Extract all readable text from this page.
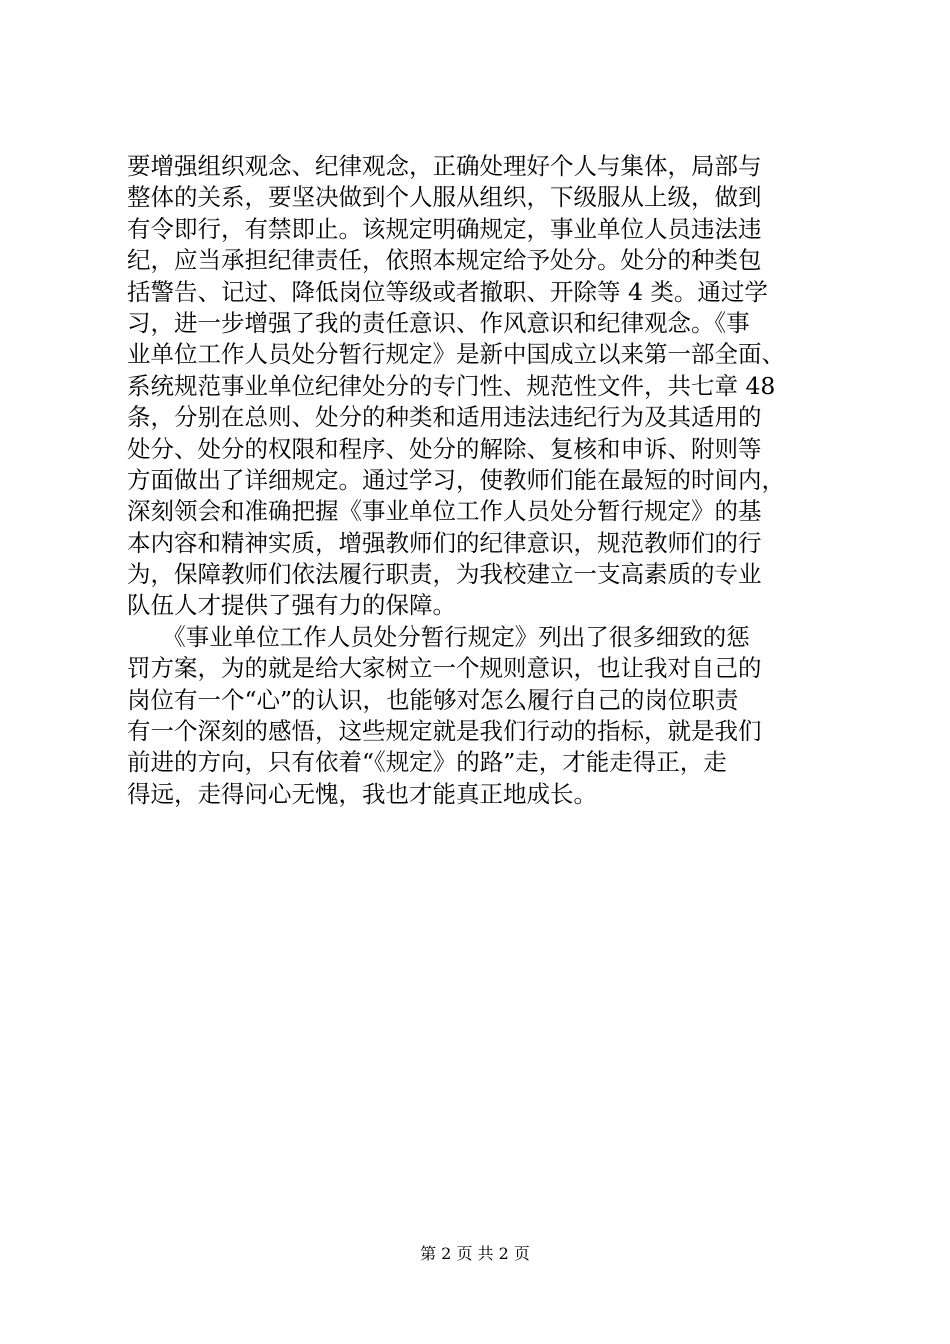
要增强组织观念、纪律观念，正确处理好个人与集体，局部与
整体的关系，要坚决做到个人服从组织，下级服从上级，做到
有令即行，有禁即止。该规定明确规定，事业单位人员违法违
纪，应当承担纪律责任，依照本规定给予处分。处分的种类包
括警告、记过、降低岗位等级或者撤职、开除等 4 类。通过学
习，进一步增强了我的责任意识、作风意识和纪律观念。《事
业单位工作人员处分暂行规定》是新中国成立以来第一部全面、
系统规范事业单位纪律处分的专门性、规范性文件，共七章 48
条，分别在总则、处分的种类和适用违法违纪行为及其适用的
处分、处分的权限和程序、处分的解除、复核和申诉、附则等
方面做出了详细规定。通过学习，使教师们能在最短的时间内，
深刻领会和准确把握《事业单位工作人员处分暂行规定》的基
本内容和精神实质，增强教师们的纪律意识，规范教师们的行
为，保障教师们依法履行职责，为我校建立一支高素质的专业
队伍人才提供了强有力的保障。
　　《事业单位工作人员处分暂行规定》列出了很多细致的惩
罚方案，为的就是给大家树立一个规则意识，也让我对自己的
岗位有一个“心”的认识，也能够对怎么履行自己的岗位职责
有一个深刻的感悟，这些规定就是我们行动的指标，就是我们
前进的方向，只有依着“《规定》的路”走，才能走得正，走
得远，走得问心无愧，我也才能真正地成长。
第 2 页 共 2 页
